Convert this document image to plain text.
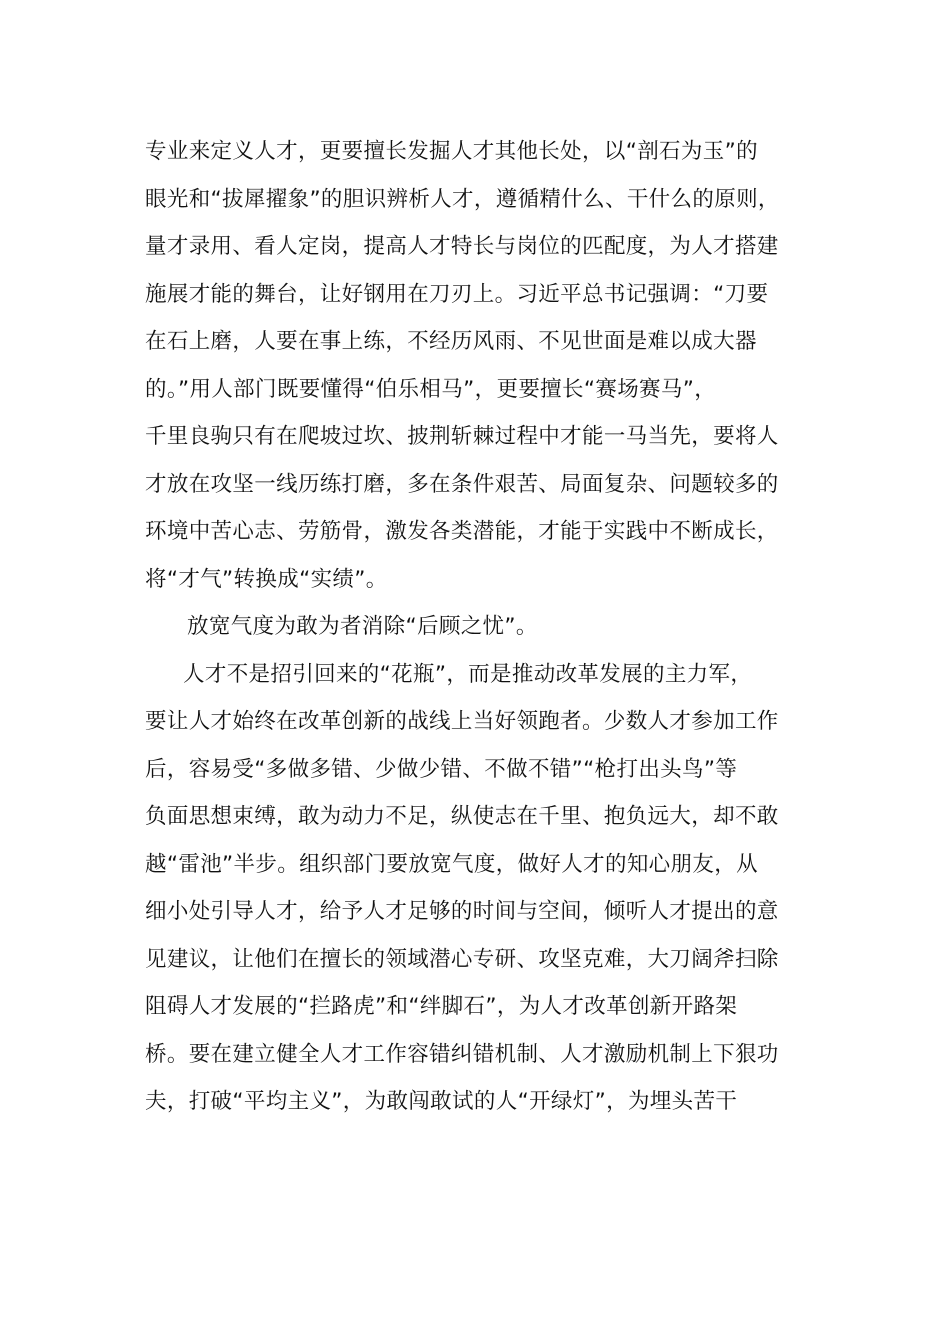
专业来定义人才，更要擅长发掘人才其他长处，以“剖石为玉”的
眼光和“拔犀擢象”的胆识辨析人才，遵循精什么、干什么的原则，
量才录用、看人定岗，提高人才特长与岗位的匹配度，为人才搭建
施展才能的舞台，让好钢用在刀刃上。习近平总书记强调：“刀要
在石上磨，人要在事上练，不经历风雨、不见世面是难以成大器
的。”用人部门既要懂得“伯乐相马”，更要擅长“赛场赛马”，
千里良驹只有在爬坡过坎、披荆斩棘过程中才能一马当先，要将人
才放在攻坚一线历练打磨，多在条件艰苦、局面复杂、问题较多的
环境中苦心志、劳筋骨，激发各类潜能，才能于实践中不断成长，
将“才气”转换成“实绩”。
放宽气度为敢为者消除“后顾之忧”。
人才不是招引回来的“花瓶”，而是推动改革发展的主力军，
要让人才始终在改革创新的战线上当好领跑者。少数人才参加工作
后，容易受“多做多错、少做少错、不做不错”“枪打出头鸟”等
负面思想束缚，敢为动力不足，纵使志在千里、抱负远大，却不敢
越“雷池”半步。组织部门要放宽气度，做好人才的知心朋友，从
细小处引导人才，给予人才足够的时间与空间，倾听人才提出的意
见建议，让他们在擅长的领域潜心专研、攻坚克难，大刀阔斧扫除
阻碍人才发展的“拦路虎”和“绊脚石”，为人才改革创新开路架
桥。要在建立健全人才工作容错纠错机制、人才激励机制上下狠功
夫，打破“平均主义”，为敢闯敢试的人“开绿灯”，为埋头苦干
